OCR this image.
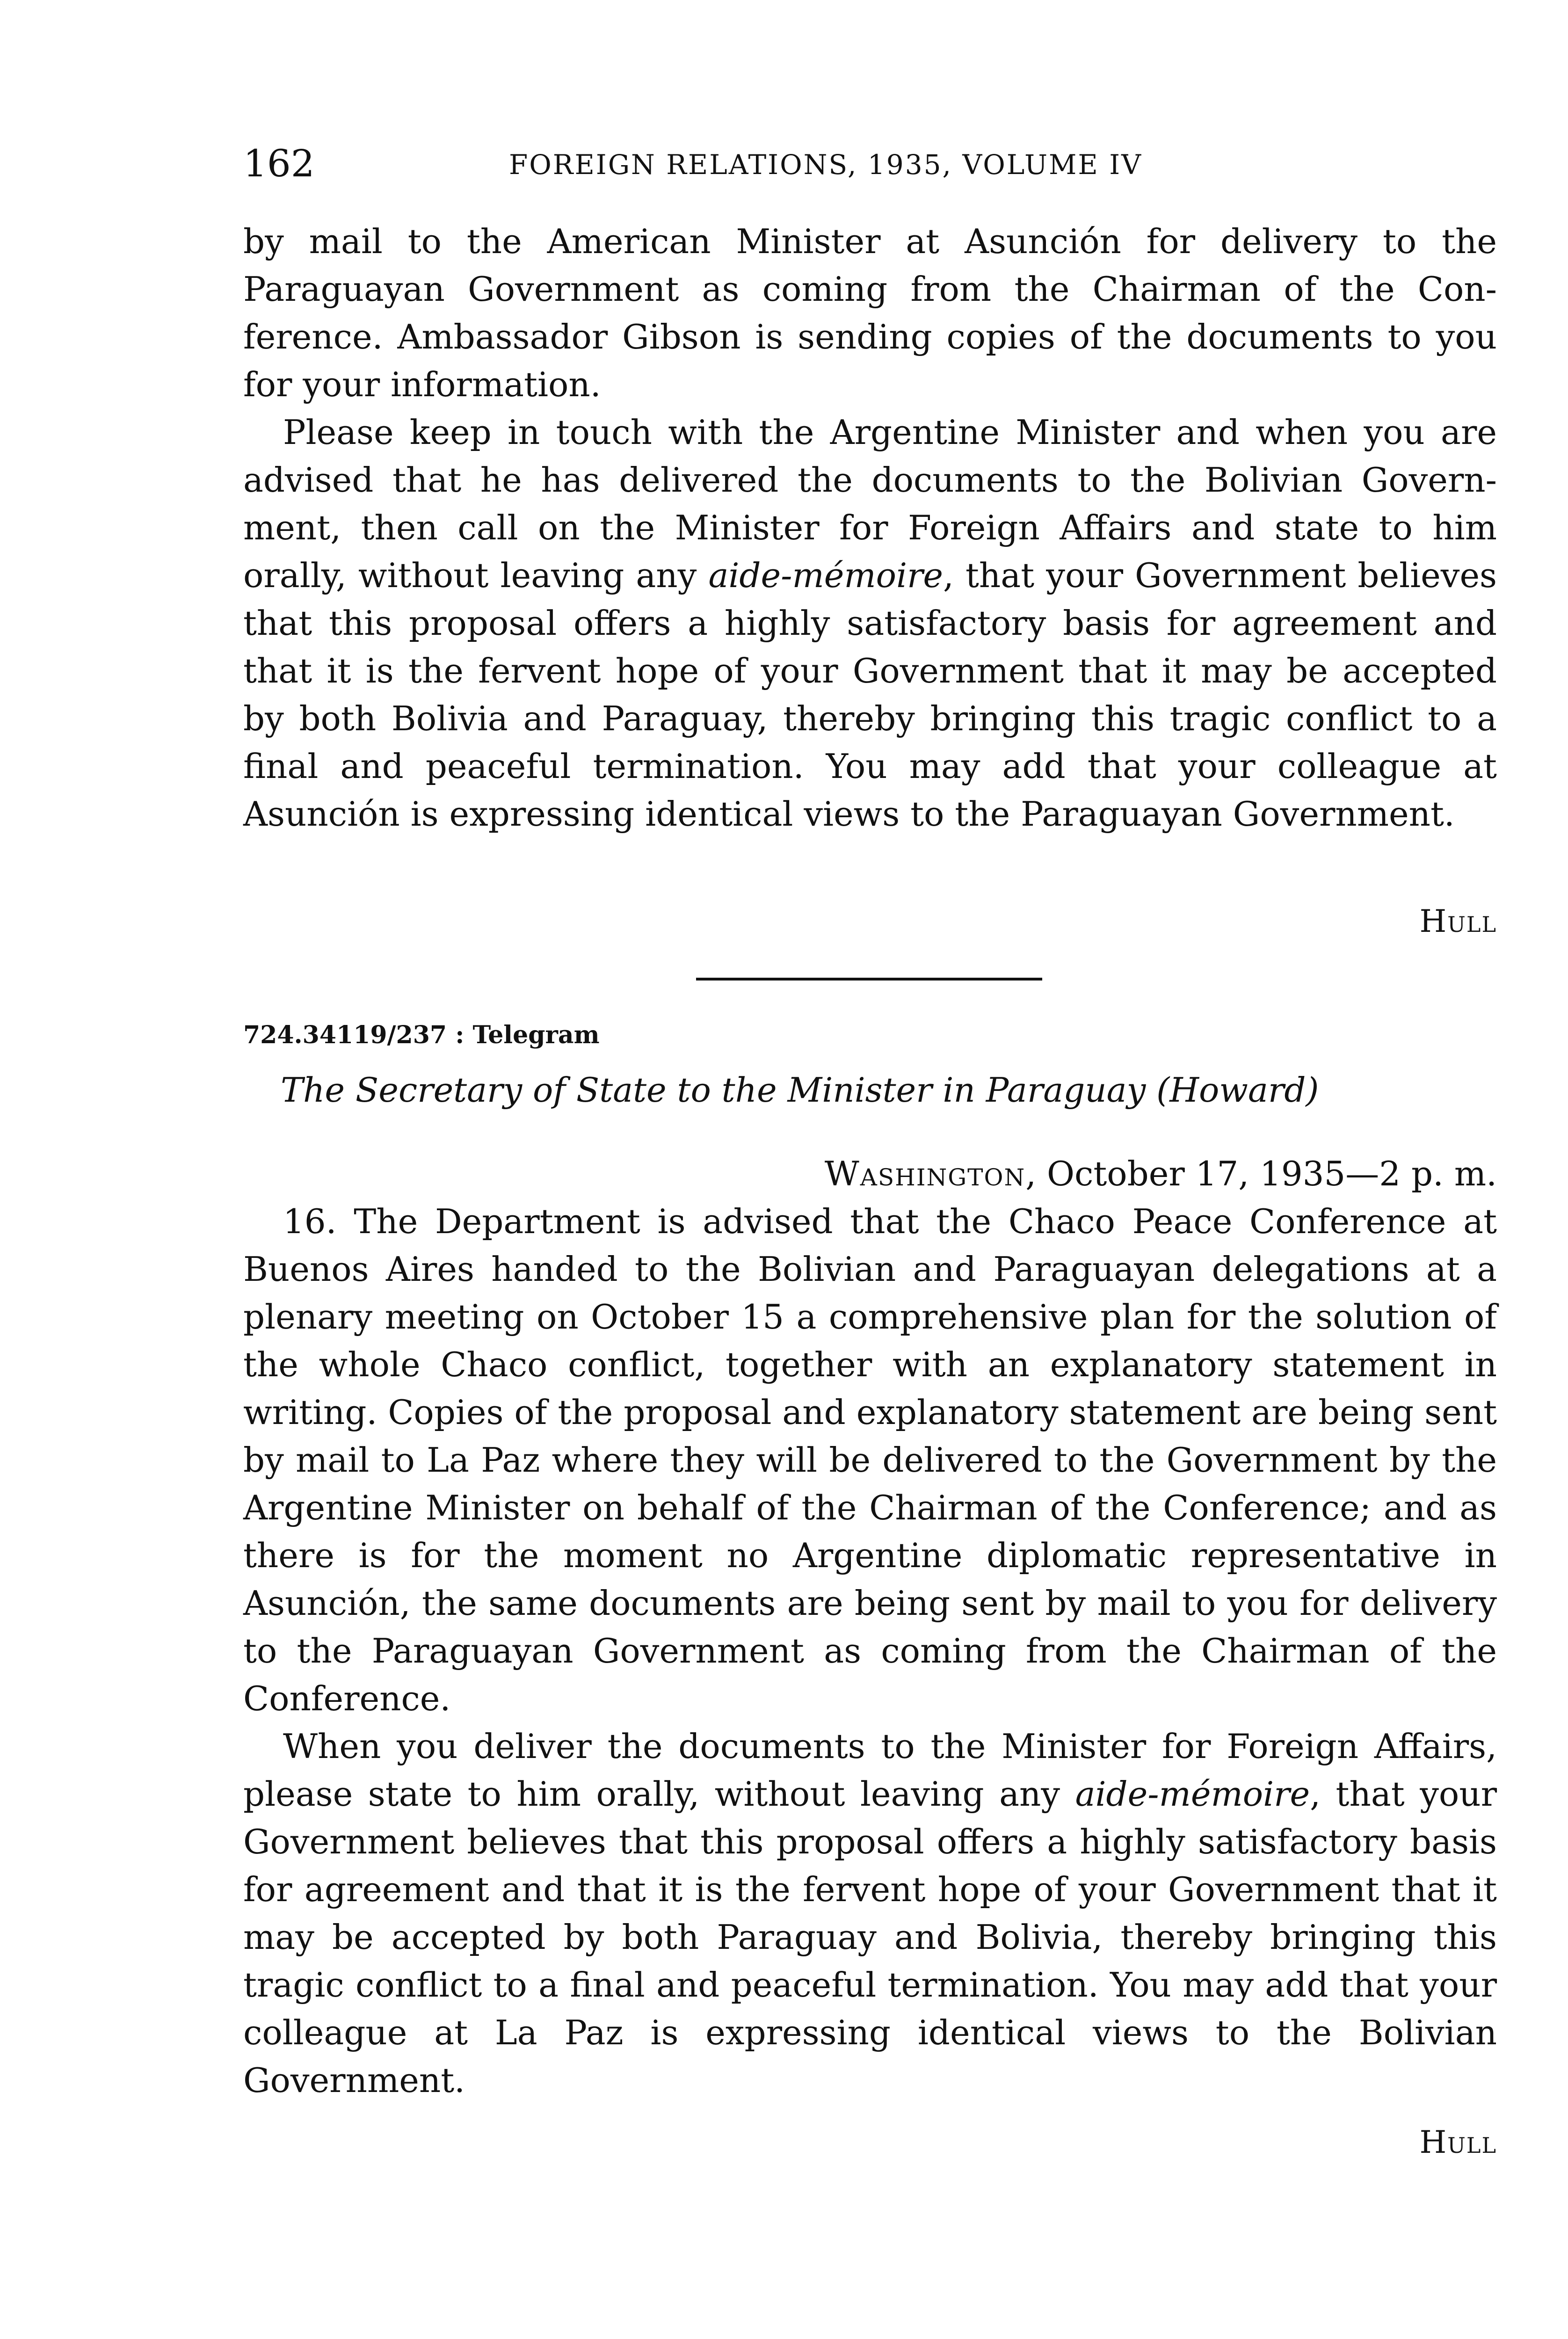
162	FOREIGN RELATIONS, 1935, VOLUME IV

by mail to the American Minister at Asunción for delivery to the Paraguayan Government as coming from the Chairman of the Conference. Ambassador Gibson is sending copies of the documents to you for your information.

Please keep in touch with the Argentine Minister and when you are advised that he has delivered the documents to the Bolivian Government, then call on the Minister for Foreign Affairs and state to him orally, without leaving any aide-mémoire, that your Government believes that this proposal offers a highly satisfactory basis for agreement and that it is the fervent hope of your Government that it may be accepted by both Bolivia and Paraguay, thereby bringing this tragic conflict to a final and peaceful termination. You may add that your colleague at Asunción is expressing identical views to the Paraguayan Government.

Hull
724.34119/237 : Telegram
The Secretary of State to the Minister in Paraguay (Howard)
Washington, October 17, 1935—2 p. m.

16. The Department is advised that the Chaco Peace Conference at Buenos Aires handed to the Bolivian and Paraguayan delegations at a plenary meeting on October 15 a comprehensive plan for the solution of the whole Chaco conflict, together with an explanatory statement in writing. Copies of the proposal and explanatory statement are being sent by mail to La Paz where they will be delivered to the Government by the Argentine Minister on behalf of the Chairman of the Conference; and as there is for the moment no Argentine diplomatic representative in Asunción, the same documents are being sent by mail to you for delivery to the Paraguayan Government as coming from the Chairman of the Conference.

When you deliver the documents to the Minister for Foreign Affairs, please state to him orally, without leaving any aide-mémoire, that your Government believes that this proposal offers a highly satisfactory basis for agreement and that it is the fervent hope of your Government that it may be accepted by both Paraguay and Bolivia, thereby bringing this tragic conflict to a final and peaceful termination. You may add that your colleague at La Paz is expressing identical views to the Bolivian Government.

Hull
